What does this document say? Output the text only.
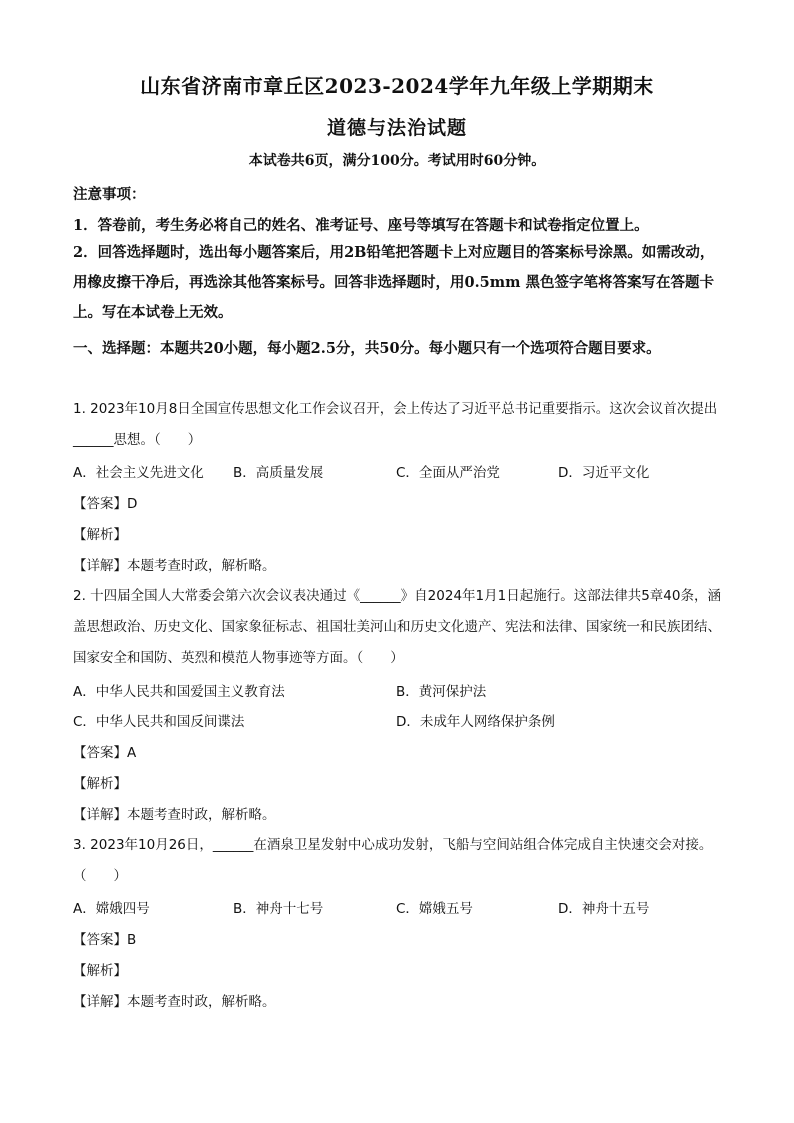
山东省济南市章丘区2023-2024学年九年级上学期期末
道德与法治试题
本试卷共6页，满分100分。考试用时60分钟。
注意事项：
1．答卷前，考生务必将自己的姓名、准考证号、座号等填写在答题卡和试卷指定位置上。
2．回答选择题时，选出每小题答案后，用2B铅笔把答题卡上对应题目的答案标号涂黑。如需改动，用橡皮擦干净后，再选涂其他答案标号。回答非选择题时，用0.5mm 黑色签字笔将答案写在答题卡上。写在本试卷上无效。
一、选择题：本题共20小题，每小题2.5分，共50分。每小题只有一个选项符合题目要求。
1. 2023年10月8日全国宣传思想文化工作会议召开，会上传达了习近平总书记重要指示。这次会议首次提出______思想。（　　）
A．社会主义先进文化 B．高质量发展	C．全面从严治党	D．习近平文化
【答案】D
【解析】
【详解】本题考查时政，解析略。
2. 十四届全国人大常委会第六次会议表决通过《______》自2024年1月1日起施行。这部法律共5章40条，涵盖思想政治、历史文化、国家象征标志、祖国壮美河山和历史文化遗产、宪法和法律、国家统一和民族团结、国家安全和国防、英烈和模范人物事迹等方面。（　　）
A．中华人民共和国爱国主义教育法	B．黄河保护法
C．中华人民共和国反间谍法	D．未成年人网络保护条例
【答案】A
【解析】
【详解】本题考查时政，解析略。
3. 2023年10月26日，______在酒泉卫星发射中心成功发射，飞船与空间站组合体完成自主快速交会对接。（　　）
A．嫦娥四号	B．神舟十七号	C．嫦娥五号	D．神舟十五号
【答案】B
【解析】
【详解】本题考查时政，解析略。
